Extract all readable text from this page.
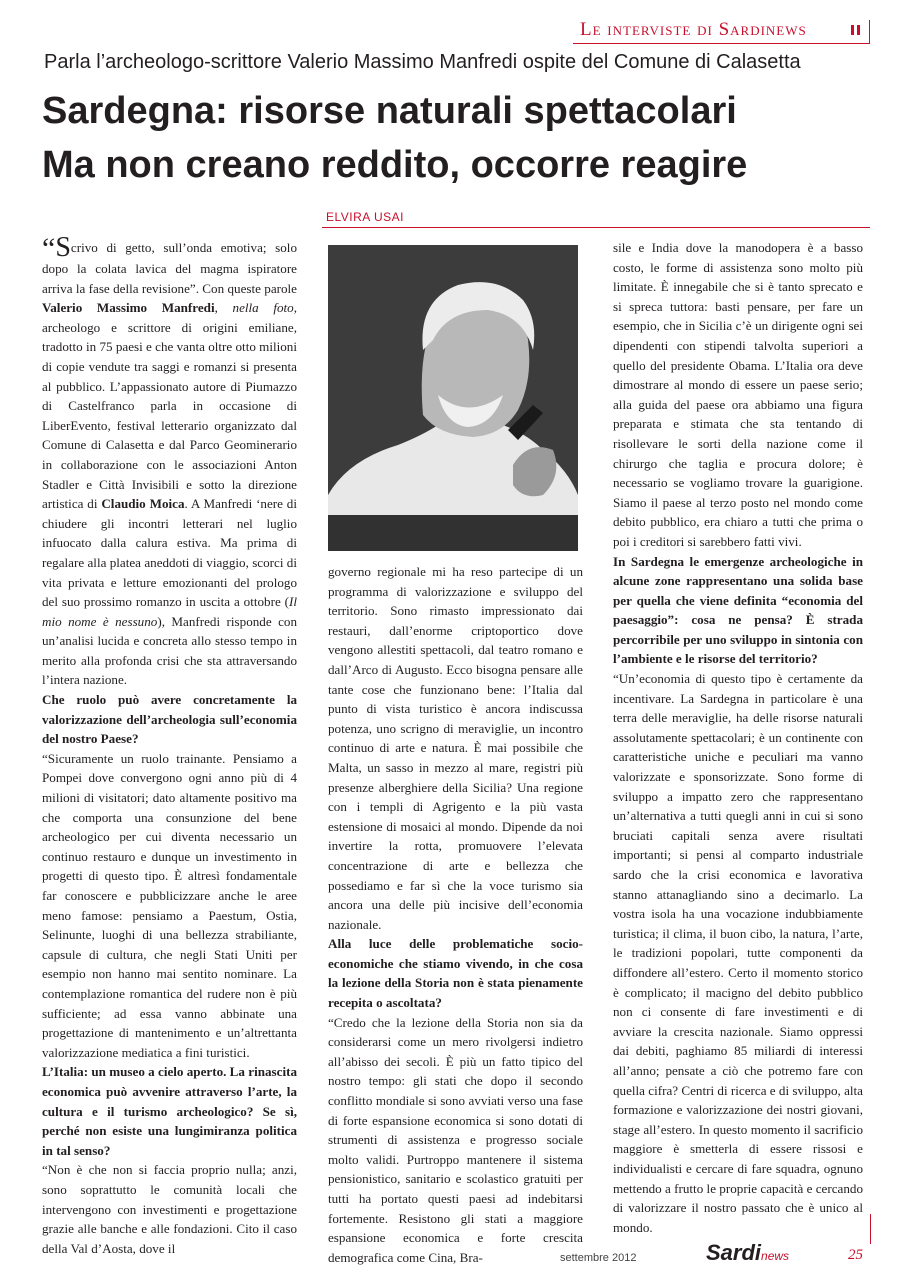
Le interviste di Sardinews
Parla l’archeologo-scrittore Valerio Massimo Manfredi ospite del Comune di Calasetta
Sardegna: risorse naturali spettacolari
Ma non creano reddito, occorre reagire
ELVIRA USAI

“Scrivo di getto, sull’onda emotiva; solo dopo la colata lavica del magma ispiratore arriva la fase della revisione”. Con queste parole Valerio Massimo Manfredi, nella foto, archeologo e scrittore di origini emiliane, tradotto in 75 paesi e che vanta oltre otto milioni di copie vendute tra saggi e romanzi si presenta al pubblico. L’appassionato autore di Piumazzo di Castelfranco parla in occasione di LiberEvento, festival letterario organizzato dal Comune di Calasetta e dal Parco Geominerario in collaborazione con le associazioni Anton Stadler e Città Invisibili e sotto la direzione artistica di Claudio Moica. A Manfredi ‘nere di chiudere gli incontri letterari nel luglio infuocato dalla calura estiva. Ma prima di regalare alla platea aneddoti di viaggio, scorci di vita privata e letture emozionanti del prologo del suo prossimo romanzo in uscita a ottobre (Il mio nome è nessuno), Manfredi risponde con un’analisi lucida e concreta allo stesso tempo in merito alla profonda crisi che sta attraversando l’intera nazione.

Che ruolo può avere concretamente la valorizzazione dell’archeologia sull’economia del nostro Paese?

“Sicuramente un ruolo trainante. Pensiamo a Pompei dove convergono ogni anno più di 4 milioni di visitatori; dato altamente positivo ma che comporta una consunzione del bene archeologico per cui diventa necessario un continuo restauro e dunque un investimento in progetti di questo tipo. È altresì fondamentale far conoscere e pubblicizzare anche le aree meno famose: pensiamo a Paestum, Ostia, Selinunte, luoghi di una bellezza strabiliante, capsule di cultura, che negli Stati Uniti per esempio non hanno mai sentito nominare. La contemplazione romantica del rudere non è più sufficiente; ad essa vanno abbinate una progettazione di mantenimento e un’altrettanta valorizzazione mediatica a fini turistici.

L’Italia: un museo a cielo aperto. La rinascita economica può avvenire attraverso l’arte, la cultura e il turismo archeologico? Se sì, perché non esiste una lungimiranza politica in tal senso?

“Non è che non si faccia proprio nulla; anzi, sono soprattutto le comunità locali che intervengono con investimenti e progettazione grazie alle banche e alle fondazioni. Cito il caso della Val d’Aosta, dove il

governo regionale mi ha reso partecipe di un programma di valorizzazione e sviluppo del territorio. Sono rimasto impressionato dai restauri, dall’enorme criptoportico dove vengono allestiti spettacoli, dal teatro romano e dall’Arco di Augusto. Ecco bisogna pensare alle tante cose che funzionano bene: l’Italia dal punto di vista turistico è ancora indiscussa potenza, uno scrigno di meraviglie, un incontro continuo di arte e natura. È mai possibile che Malta, un sasso in mezzo al mare, registri più presenze alberghiere della Sicilia? Una regione con i templi di Agrigento e la più vasta estensione di mosaici al mondo. Dipende da noi invertire la rotta, promuovere l’elevata concentrazione di arte e bellezza che possediamo e far sì che la voce turismo sia ancora una delle più incisive dell’economia nazionale.

Alla luce delle problematiche socio-economiche che stiamo vivendo, in che cosa la lezione della Storia non è stata pienamente recepita o ascoltata?

“Credo che la lezione della Storia non sia da considerarsi come un mero rivolgersi indietro all’abisso dei secoli. È più un fatto tipico del nostro tempo: gli stati che dopo il secondo conflitto mondiale si sono avviati verso una fase di forte espansione economica si sono dotati di strumenti di assistenza e progresso sociale molto validi. Purtroppo mantenere il sistema pensionistico, sanitario e scolastico gratuiti per tutti ha portato questi paesi ad indebitarsi fortemente. Resistono gli stati a maggiore espansione economica e forte crescita demografica come Cina, Bra-

sile e India dove la manodopera è a basso costo, le forme di assistenza sono molto più limitate. È innegabile che si è tanto sprecato e si spreca tuttora: basti pensare, per fare un esempio, che in Sicilia c’è un dirigente ogni sei dipendenti con stipendi talvolta superiori a quello del presidente Obama. L’Italia ora deve dimostrare al mondo di essere un paese serio; alla guida del paese ora abbiamo una figura preparata e stimata che sta tentando di risollevare le sorti della nazione come il chirurgo che taglia e procura dolore; è necessario se vogliamo trovare la guarigione. Siamo il paese al terzo posto nel mondo come debito pubblico, era chiaro a tutti che prima o poi i creditori si sarebbero fatti vivi.

In Sardegna le emergenze archeologiche in alcune zone rappresentano una solida base per quella che viene definita “economia del paesaggio”: cosa ne pensa? È strada percorribile per uno sviluppo in sintonia con l’ambiente e le risorse del territorio?

“Un’economia di questo tipo è certamente da incentivare. La Sardegna in particolare è una terra delle meraviglie, ha delle risorse naturali assolutamente spettacolari; è un continente con caratteristiche uniche e peculiari ma vanno valorizzate e sponsorizzate. Sono forme di sviluppo a impatto zero che rappresentano un’alternativa a tutti quegli anni in cui si sono bruciati capitali senza avere risultati importanti; si pensi al comparto industriale sardo che la crisi economica e lavorativa stanno attanagliando sino a decimarlo. La vostra isola ha una vocazione indubbiamente turistica; il clima, il buon cibo, la natura, l’arte, le tradizioni popolari, tutte componenti da diffondere all’estero. Certo il momento storico è complicato; il macigno del debito pubblico non ci consente di fare investimenti e di avviare la crescita nazionale. Siamo oppressi dai debiti, paghiamo 85 miliardi di interessi all’anno; pensate a ciò che potremo fare con quella cifra? Centri di ricerca e di sviluppo, alta formazione e valorizzazione dei nostri giovani, stage all’estero. In questo momento il sacrificio maggiore è smetterla di essere rissosi e individualisti e cercare di fare squadra, ognuno mettendo a frutto le proprie capacità e cercando di valorizzare il nostro passato che è unico al mondo.

settembre 2012	Sardinews	25
